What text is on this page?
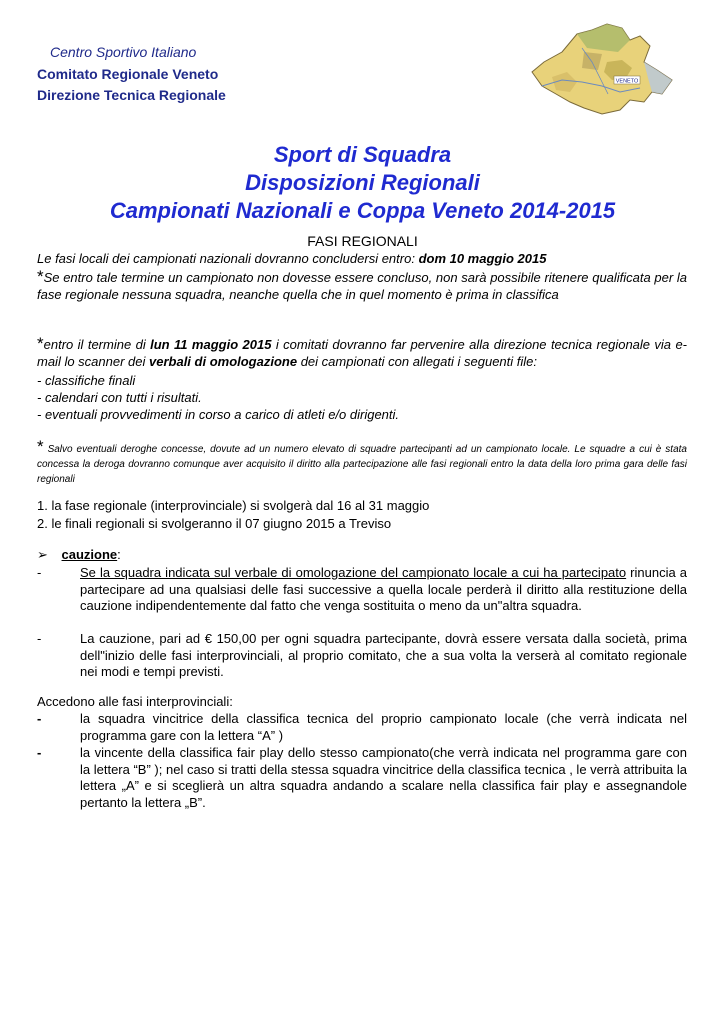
Centro Sportivo Italiano
Comitato Regionale Veneto
Direzione Tecnica Regionale
VENETO
Sport di Squadra
Disposizioni Regionali
Campionati Nazionali e Coppa Veneto 2014-2015
FASI REGIONALI
Le fasi locali dei campionati nazionali dovranno concludersi entro: dom 10 maggio 2015
*Se entro tale termine un campionato non dovesse essere concluso, non sarà possibile ritenere qualificata per la fase regionale nessuna squadra, neanche quella che in quel momento è prima in classifica
*entro il termine di lun 11 maggio 2015 i comitati dovranno far pervenire alla direzione tecnica regionale via e-mail lo scanner dei verbali di omologazione dei campionati con allegati i seguenti file:
- classifiche finali
- calendari con tutti i risultati.
- eventuali provvedimenti in corso a carico di atleti e/o dirigenti.
* Salvo eventuali deroghe concesse, dovute ad un numero elevato di squadre partecipanti ad un campionato locale. Le squadre a cui è stata concessa la deroga dovranno comunque aver acquisito il diritto alla partecipazione alle fasi regionali entro la data della loro prima gara delle fasi regionali
1. la fase regionale (interprovinciale) si svolgerà dal 16 al 31 maggio
2. le finali regionali si svolgeranno il 07 giugno 2015 a Treviso
➢ cauzione:
-	Se la squadra indicata sul verbale di omologazione del campionato locale a cui ha partecipato rinuncia a partecipare ad una qualsiasi delle fasi successive a quella locale perderà il diritto alla restituzione della cauzione indipendentemente dal fatto che venga sostituita o meno da un"altra squadra.
-	La cauzione, pari ad € 150,00 per ogni squadra partecipante, dovrà essere versata dalla società, prima dell"inizio delle fasi interprovinciali, al proprio comitato, che a sua volta la verserà al comitato regionale nei modi e tempi previsti.
Accedono alle fasi interprovinciali:
-	la squadra vincitrice della classifica tecnica del proprio campionato locale (che verrà indicata nel programma gare con la lettera “A” )
-	la vincente della classifica fair play dello stesso campionato(che verrà indicata nel programma gare con la lettera “B” ); nel caso si tratti della stessa squadra vincitrice della classifica tecnica , le verrà attribuita la lettera „A” e si sceglierà un altra squadra andando a scalare nella classifica fair play e assegnandole pertanto la lettera „B”.
